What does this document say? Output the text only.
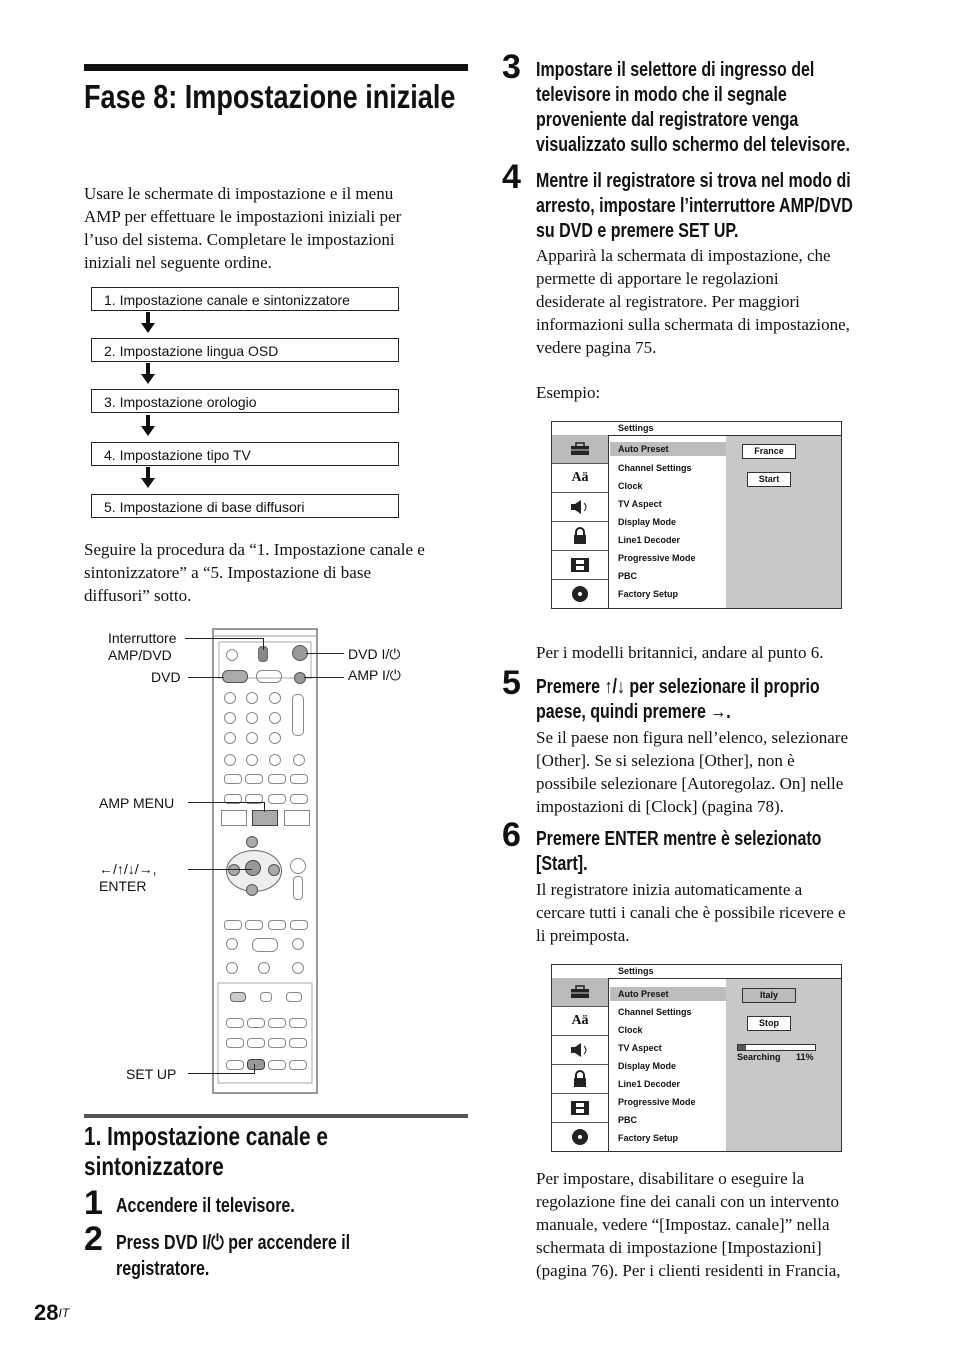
Fase 8: Impostazione iniziale
Usare le schermate di impostazione e il menu
AMP per effettuare le impostazioni iniziali per
l’uso del sistema. Completare le impostazioni
iniziali nel seguente ordine.
1. Impostazione canale e sintonizzatore
2. Impostazione lingua OSD
3. Impostazione orologio
4. Impostazione tipo TV
5. Impostazione di base diffusori
Seguire la procedura da “1. Impostazione canale e
sintonizzatore” a “5. Impostazione di base
diffusori” sotto.
Interruttore
AMP/DVD
DVD
AMP MENU
←/↑/↓/→,
ENTER
SET UP
DVD I/⏻
AMP I/⏻
1. Impostazione canale e
sintonizzatore
1 Accendere il televisore.
2 Press DVD I/⏻ per accendere il
registratore.
$28^{IT}$
3 Impostare il selettore di ingresso del
televisore in modo che il segnale
proveniente dal registratore venga
visualizzato sullo schermo del televisore.
4 Mentre il registratore si trova nel modo di
arresto, impostare l’interruttore AMP/DVD
su DVD e premere SET UP.
Apparirà la schermata di impostazione, che
permette di apportare le regolazioni
desiderate al registratore. Per maggiori
informazioni sulla schermata di impostazione,
vedere pagina 75.
Esempio:
Settings
Aä
Auto Preset
Channel Settings
Clock
TV Aspect
Display Mode
Line1 Decoder
Progressive Mode
PBC
Factory Setup
France
Start
Per i modelli britannici, andare al punto 6.
5 Premere ↑/↓ per selezionare il proprio
paese, quindi premere →.
Se il paese non figura nell’elenco, selezionare
[Other]. Se si seleziona [Other], non è
possibile selezionare [Autoregolaz. On] nelle
impostazioni di [Clock] (pagina 78).
6 Premere ENTER mentre è selezionato
[Start].
Il registratore inizia automaticamente a
cercare tutti i canali che è possibile ricevere e
li preimposta.
Settings
Aä
Auto Preset
Channel Settings
Clock
TV Aspect
Display Mode
Line1 Decoder
Progressive Mode
PBC
Factory Setup
Italy
Stop
Searching 11%
Per impostare, disabilitare o eseguire la
regolazione fine dei canali con un intervento
manuale, vedere “[Impostaz. canale]” nella
schermata di impostazione [Impostazioni]
(pagina 76). Per i clienti residenti in Francia,
